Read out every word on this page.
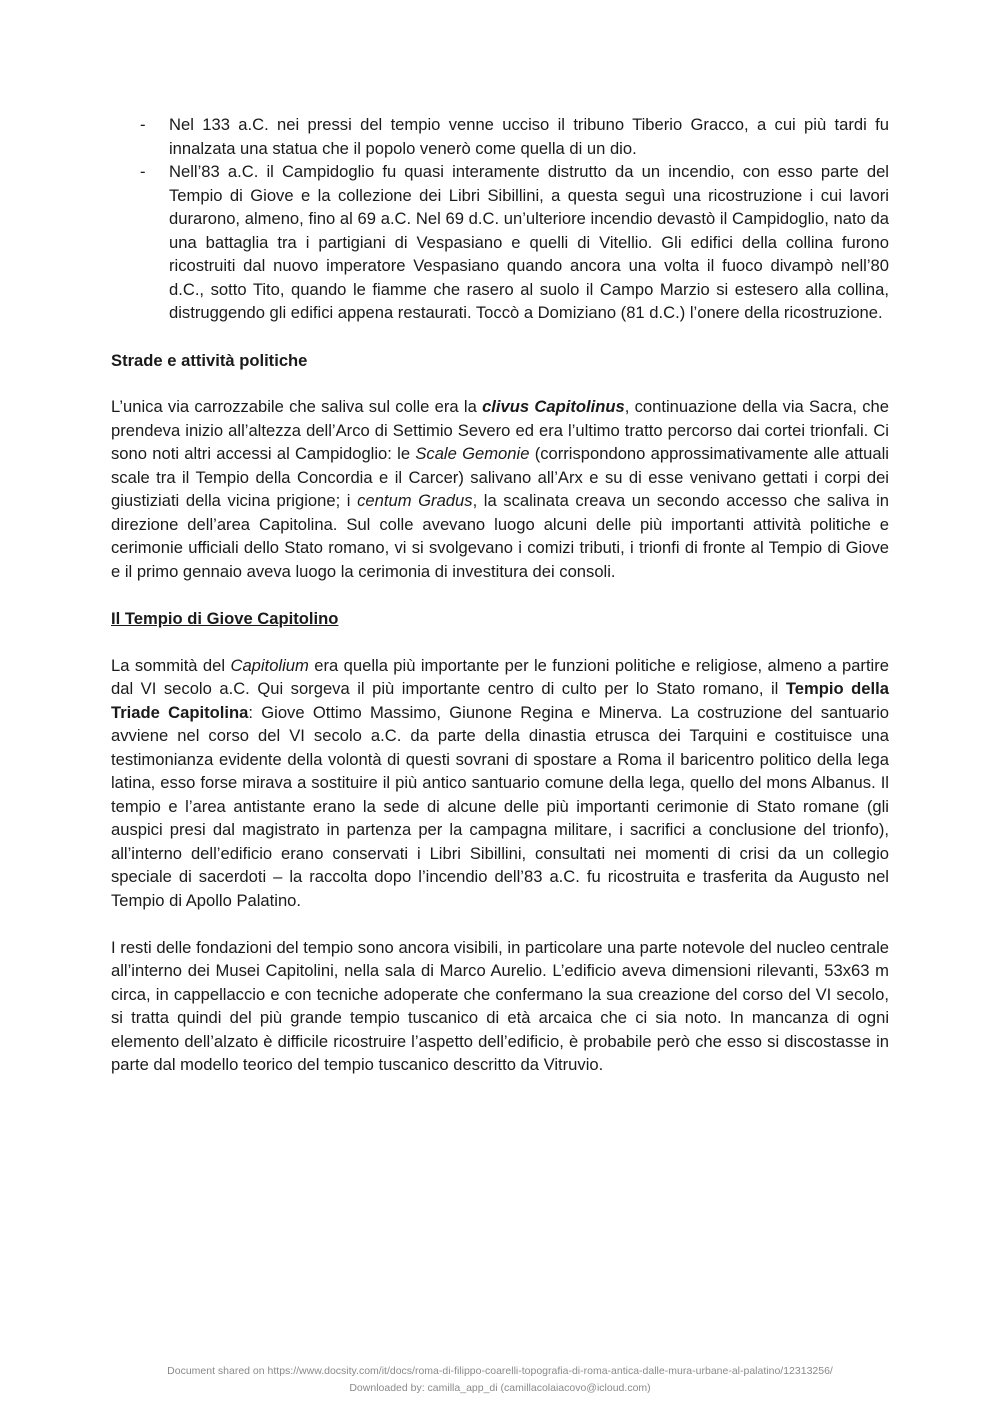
- Nel 133 a.C. nei pressi del tempio venne ucciso il tribuno Tiberio Gracco, a cui più tardi fu innalzata una statua che il popolo venerò come quella di un dio.
- Nell’83 a.C. il Campidoglio fu quasi interamente distrutto da un incendio, con esso parte del Tempio di Giove e la collezione dei Libri Sibillini, a questa seguì una ricostruzione i cui lavori durarono, almeno, fino al 69 a.C. Nel 69 d.C. un’ulteriore incendio devastò il Campidoglio, nato da una battaglia tra i partigiani di Vespasiano e quelli di Vitellio. Gli edifici della collina furono ricostruiti dal nuovo imperatore Vespasiano quando ancora una volta il fuoco divampò nell’80 d.C., sotto Tito, quando le fiamme che rasero al suolo il Campo Marzio si estesero alla collina, distruggendo gli edifici appena restaurati. Toccò a Domiziano (81 d.C.) l’onere della ricostruzione.
Strade e attività politiche

L’unica via carrozzabile che saliva sul colle era la clivus Capitolinus, continuazione della via Sacra, che prendeva inizio all’altezza dell’Arco di Settimio Severo ed era l’ultimo tratto percorso dai cortei trionfali. Ci sono noti altri accessi al Campidoglio: le Scale Gemonie (corrispondono approssimativamente alle attuali scale tra il Tempio della Concordia e il Carcer) salivano all’Arx e su di esse venivano gettati i corpi dei giustiziati della vicina prigione; i centum Gradus, la scalinata creava un secondo accesso che saliva in direzione dell’area Capitolina. Sul colle avevano luogo alcuni delle più importanti attività politiche e cerimonie ufficiali dello Stato romano, vi si svolgevano i comizi tributi, i trionfi di fronte al Tempio di Giove e il primo gennaio aveva luogo la cerimonia di investitura dei consoli.

Il Tempio di Giove Capitolino

La sommità del Capitolium era quella più importante per le funzioni politiche e religiose, almeno a partire dal VI secolo a.C. Qui sorgeva il più importante centro di culto per lo Stato romano, il Tempio della Triade Capitolina: Giove Ottimo Massimo, Giunone Regina e Minerva. La costruzione del santuario avviene nel corso del VI secolo a.C. da parte della dinastia etrusca dei Tarquini e costituisce una testimonianza evidente della volontà di questi sovrani di spostare a Roma il baricentro politico della lega latina, esso forse mirava a sostituire il più antico santuario comune della lega, quello del mons Albanus. Il tempio e l’area antistante erano la sede di alcune delle più importanti cerimonie di Stato romane (gli auspici presi dal magistrato in partenza per la campagna militare, i sacrifici a conclusione del trionfo), all’interno dell’edificio erano conservati i Libri Sibillini, consultati nei momenti di crisi da un collegio speciale di sacerdoti – la raccolta dopo l’incendio dell’83 a.C. fu ricostruita e trasferita da Augusto nel Tempio di Apollo Palatino.

I resti delle fondazioni del tempio sono ancora visibili, in particolare una parte notevole del nucleo centrale all’interno dei Musei Capitolini, nella sala di Marco Aurelio. L’edificio aveva dimensioni rilevanti, 53x63 m circa, in cappellaccio e con tecniche adoperate che confermano la sua creazione del corso del VI secolo, si tratta quindi del più grande tempio tuscanico di età arcaica che ci sia noto. In mancanza di ogni elemento dell’alzato è difficile ricostruire l’aspetto dell’edificio, è probabile però che esso si discostasse in parte dal modello teorico del tempio tuscanico descritto da Vitruvio.

Document shared on https://www.docsity.com/it/docs/roma-di-filippo-coarelli-topografia-di-roma-antica-dalle-mura-urbane-al-palatino/12313256/
Downloaded by: camilla_app_di (camillacolaiacovo@icloud.com)
